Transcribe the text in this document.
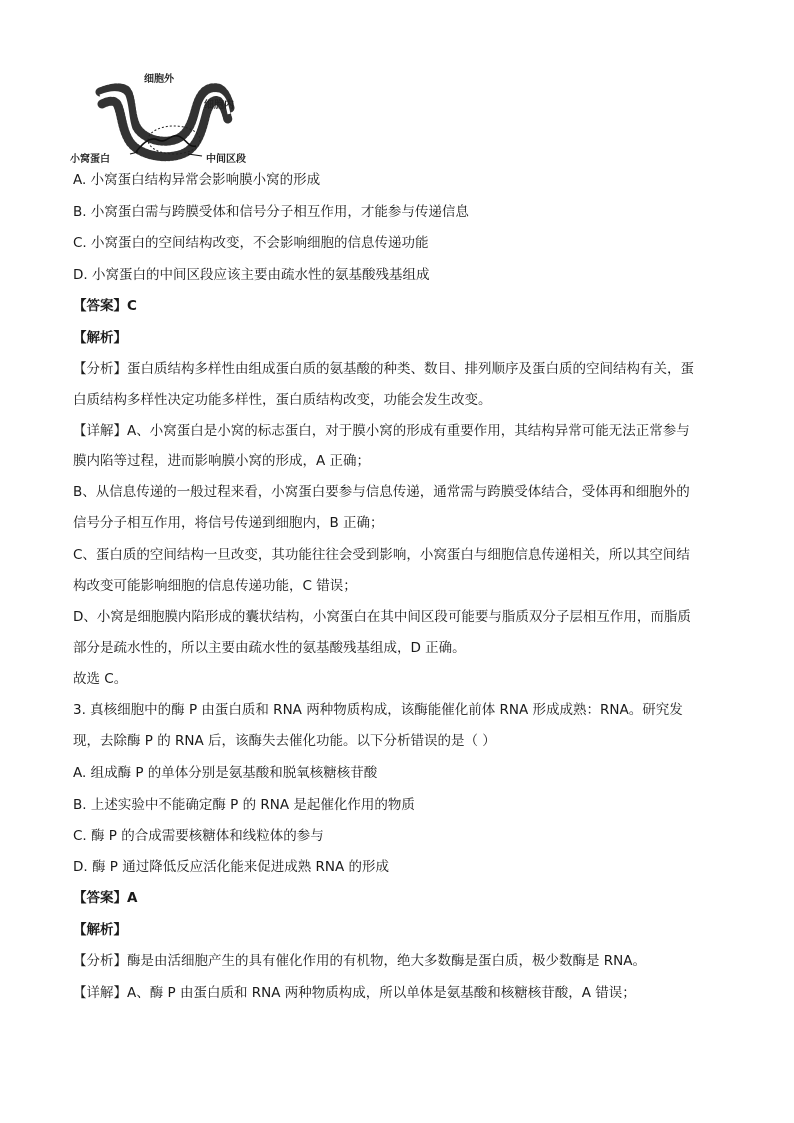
细胞外
细胞内
小窝蛋白	中间区段
A. 小窝蛋白结构异常会影响膜小窝的形成
B. 小窝蛋白需与跨膜受体和信号分子相互作用，才能参与传递信息
C. 小窝蛋白的空间结构改变，不会影响细胞的信息传递功能
D. 小窝蛋白的中间区段应该主要由疏水性的氨基酸残基组成
【答案】C
【解析】
【分析】蛋白质结构多样性由组成蛋白质的氨基酸的种类、数目、排列顺序及蛋白质的空间结构有关，蛋
白质结构多样性决定功能多样性，蛋白质结构改变，功能会发生改变。
【详解】A、小窝蛋白是小窝的标志蛋白，对于膜小窝的形成有重要作用，其结构异常可能无法正常参与
膜内陷等过程，进而影响膜小窝的形成，A 正确；
B、从信息传递的一般过程来看，小窝蛋白要参与信息传递，通常需与跨膜受体结合，受体再和细胞外的
信号分子相互作用，将信号传递到细胞内，B 正确；
C、蛋白质的空间结构一旦改变，其功能往往会受到影响，小窝蛋白与细胞信息传递相关，所以其空间结
构改变可能影响细胞的信息传递功能，C 错误；
D、小窝是细胞膜内陷形成的囊状结构，小窝蛋白在其中间区段可能要与脂质双分子层相互作用，而脂质
部分是疏水性的，所以主要由疏水性的氨基酸残基组成，D 正确。
故选 C。
3. 真核细胞中的酶 P 由蛋白质和 RNA 两种物质构成，该酶能催化前体 RNA 形成成熟：RNA。研究发
现，去除酶 P 的 RNA 后，该酶失去催化功能。以下分析错误的是（ ）
A. 组成酶 P 的单体分别是氨基酸和脱氧核糖核苷酸
B. 上述实验中不能确定酶 P 的 RNA 是起催化作用的物质
C. 酶 P 的合成需要核糖体和线粒体的参与
D. 酶 P 通过降低反应活化能来促进成熟 RNA 的形成
【答案】A
【解析】
【分析】酶是由活细胞产生的具有催化作用的有机物，绝大多数酶是蛋白质，极少数酶是 RNA。
【详解】A、酶 P 由蛋白质和 RNA 两种物质构成，所以单体是氨基酸和核糖核苷酸，A 错误；
